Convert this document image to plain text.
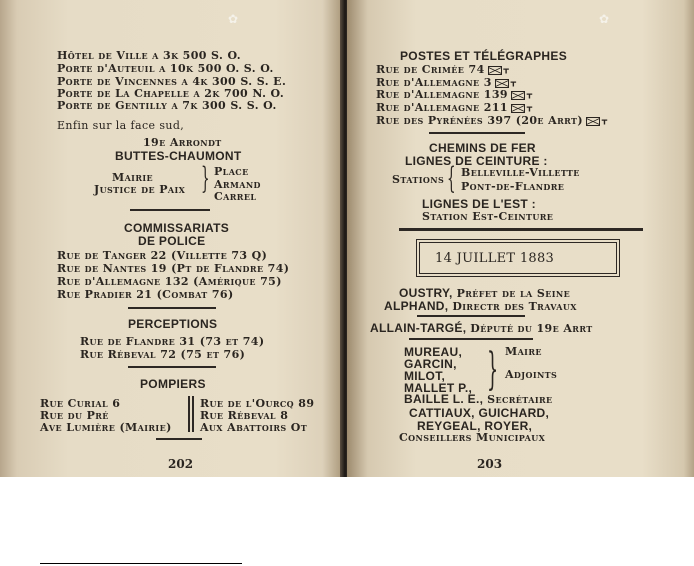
✿
Hôtel de Ville a 3k 500 S. O.
Porte d'Auteuil a 10k 500 O. S. O.
Porte de Vincennes a 4k 300 S. S. E.
Porte de La Chapelle a 2k 700 N. O.
Porte de Gentilly a 7k 300 S. S. O.
Enfin sur la face sud,
19e Arrondt
BUTTES-CHAUMONT
Mairie
Justice de Paix } Place
Armand
Carrel
COMMISSARIATS
DE POLICE
Rue de Tanger 22 (Villette 73 Q)
Rue de Nantes 19 (Pt de Flandre 74)
Rue d'Allemagne 132 (Amérique 75)
Rue Pradier 21 (Combat 76)
PERCEPTIONS
Rue de Flandre 31 (73 et 74)
Rue Rébeval 72 (75 et 76)
POMPIERS
Rue Curial 6
Rue du Pré
Ave Lumière (Mairie)
Rue de l'Ourcq 89
Rue Rébeval 8
Aux Abattoirs Ot
202
✿
POSTES ET TÉLÉGRAPHES
Rue de Crimée 74 ᚁ
Rue d'Allemagne 3 ᚁ
Rue d'Allemagne 139 ᚁ
Rue d'Allemagne 211 ᚁ
Rue des Pyrénées 397 (20e Arrt) ᚁ
CHEMINS DE FER
LIGNES DE CEINTURE :
Stations { Belleville-Villette
Pont-de-Flandre
LIGNES DE L'EST :
Station Est-Ceinture
14 JUILLET 1883
OUSTRY, Préfet de la Seine
ALPHAND, Directr des Travaux
ALLAIN-TARGÉ, Député du 19e Arrt
MUREAU,	Maire
GARCIN,
MILOT,
MALLET P., } Adjoints
BAILLE L. E., Secrétaire
CATTIAUX, GUICHARD,
REYGEAL, ROYER,
Conseillers Municipaux
203
